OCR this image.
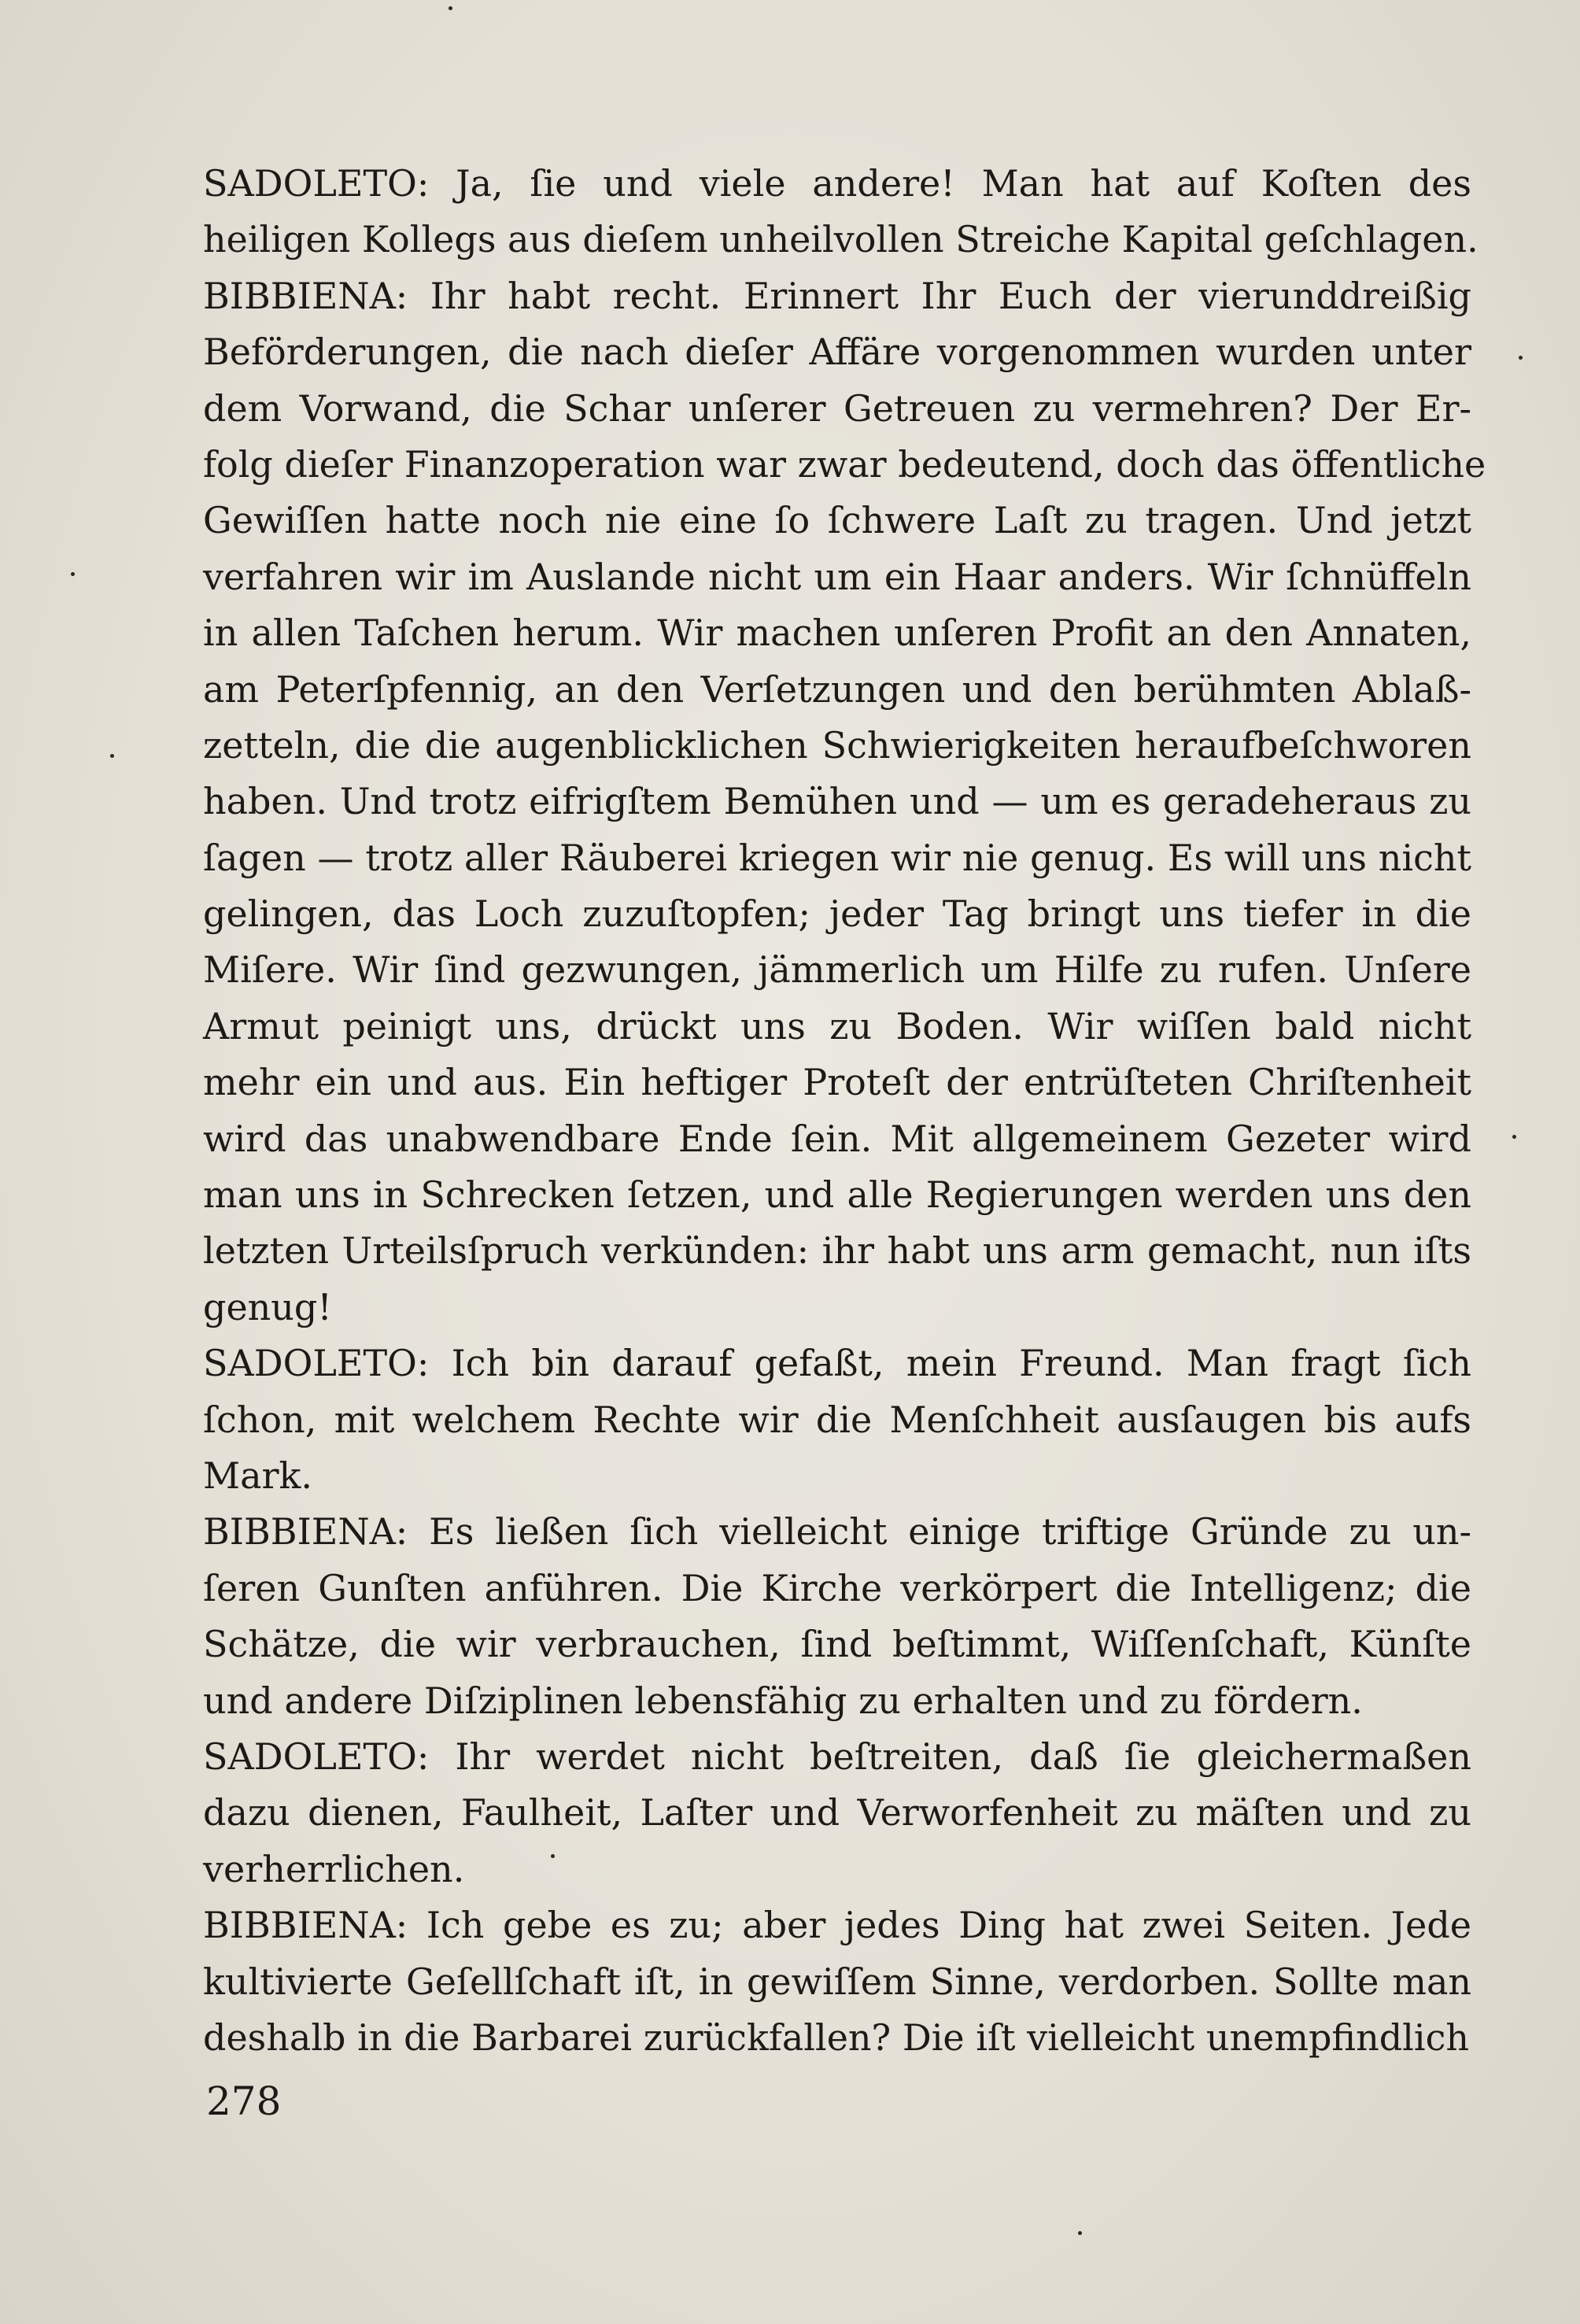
SADOLETO: Ja, ſie und viele andere! Man hat auf Koſten des
heiligen Kollegs aus dieſem unheilvollen Streiche Kapital geſchlagen.
BIBBIENA: Ihr habt recht. Erinnert Ihr Euch der vierunddreißig
Beförderungen, die nach dieſer Affäre vorgenommen wurden unter
dem Vorwand, die Schar unſerer Getreuen zu vermehren? Der Er-
folg dieſer Finanzoperation war zwar bedeutend, doch das öffentliche
Gewiſſen hatte noch nie eine ſo ſchwere Laſt zu tragen. Und jetzt
verfahren wir im Auslande nicht um ein Haar anders. Wir ſchnüffeln
in allen Taſchen herum. Wir machen unſeren Profit an den Annaten,
am Peterſpfennig, an den Verſetzungen und den berühmten Ablaß-
zetteln, die die augenblicklichen Schwierigkeiten heraufbeſchworen
haben. Und trotz eifrigſtem Bemühen und — um es geradeheraus zu
ſagen — trotz aller Räuberei kriegen wir nie genug. Es will uns nicht
gelingen, das Loch zuzuſtopfen; jeder Tag bringt uns tiefer in die
Miſere. Wir ſind gezwungen, jämmerlich um Hilfe zu rufen. Unſere
Armut peinigt uns, drückt uns zu Boden. Wir wiſſen bald nicht
mehr ein und aus. Ein heftiger Proteſt der entrüſteten Chriſtenheit
wird das unabwendbare Ende ſein. Mit allgemeinem Gezeter wird
man uns in Schrecken ſetzen, und alle Regierungen werden uns den
letzten Urteilsſpruch verkünden: ihr habt uns arm gemacht, nun iſts
genug!
SADOLETO: Ich bin darauf gefaßt, mein Freund. Man fragt ſich
ſchon, mit welchem Rechte wir die Menſchheit ausſaugen bis aufs
Mark.
BIBBIENA: Es ließen ſich vielleicht einige triftige Gründe zu un-
ſeren Gunſten anführen. Die Kirche verkörpert die Intelligenz; die
Schätze, die wir verbrauchen, ſind beſtimmt, Wiſſenſchaft, Künſte
und andere Diſziplinen lebensfähig zu erhalten und zu fördern.
SADOLETO: Ihr werdet nicht beſtreiten, daß ſie gleichermaßen
dazu dienen, Faulheit, Laſter und Verworfenheit zu mäſten und zu
verherrlichen.
BIBBIENA: Ich gebe es zu; aber jedes Ding hat zwei Seiten. Jede
kultivierte Geſellſchaft iſt, in gewiſſem Sinne, verdorben. Sollte man
deshalb in die Barbarei zurückfallen? Die iſt vielleicht unempfindlich
278
